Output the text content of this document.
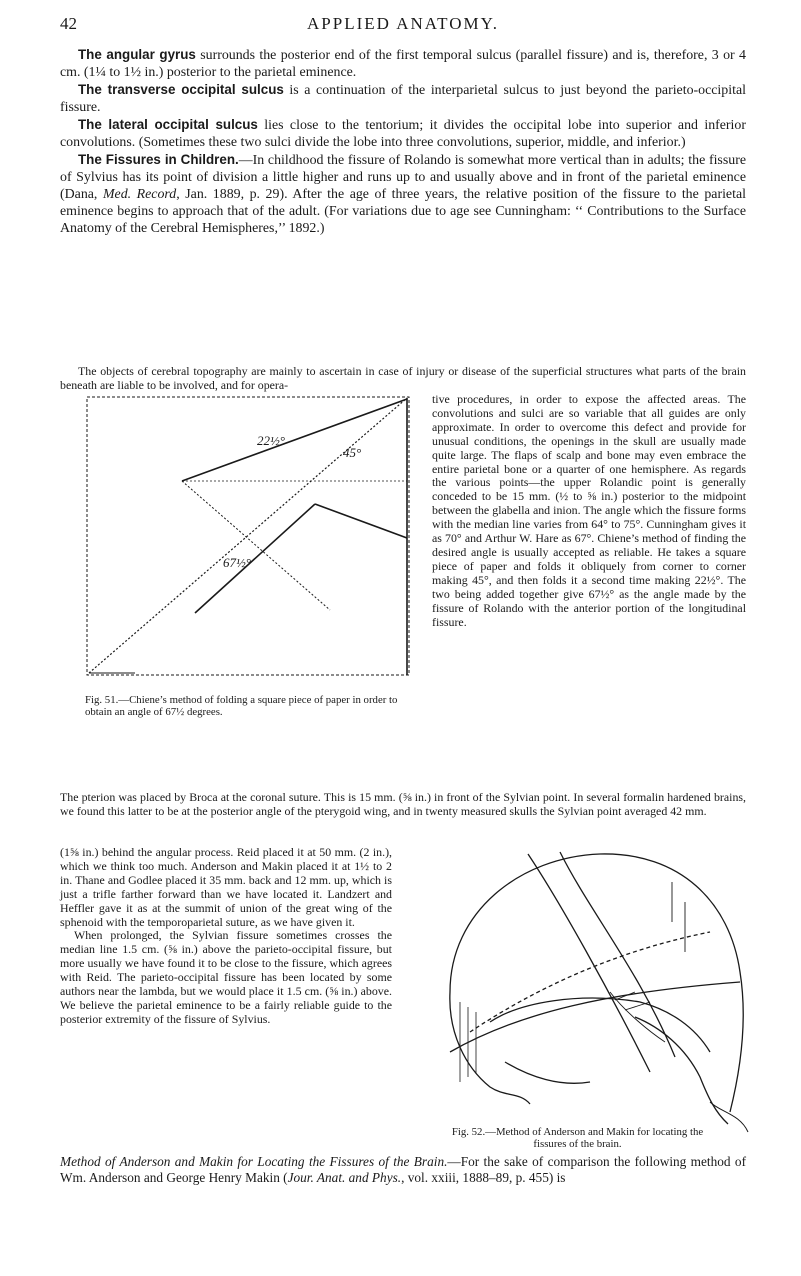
42	APPLIED ANATOMY.

The angular gyrus surrounds the posterior end of the first temporal sulcus (parallel fissure) and is, therefore, 3 or 4 cm. (1¼ to 1½ in.) posterior to the parietal eminence.

The transverse occipital sulcus is a continuation of the interparietal sulcus to just beyond the parieto-occipital fissure.

The lateral occipital sulcus lies close to the tentorium; it divides the occipital lobe into superior and inferior convolutions. (Sometimes these two sulci divide the lobe into three convolutions, superior, middle, and inferior.)

The Fissures in Children.—In childhood the fissure of Rolando is somewhat more vertical than in adults; the fissure of Sylvius has its point of division a little higher and runs up to and usually above and in front of the parietal eminence (Dana, Med. Record, Jan. 1889, p. 29). After the age of three years, the relative position of the fissure to the parietal eminence begins to approach that of the adult. (For variations due to age see Cunningham: ‘‘ Contributions to the Surface Anatomy of the Cerebral Hemispheres,’’ 1892.)

The objects of cerebral topography are mainly to ascertain in case of injury or disease of the superficial structures what parts of the brain beneath are liable to be involved, and for opera-

tive procedures, in order to expose the affected areas. The convolutions and sulci are so variable that all guides are only approximate. In order to overcome this defect and provide for unusual conditions, the openings in the skull are usually made quite large. The flaps of scalp and bone may even embrace the entire parietal bone or a quarter of one hemisphere. As regards the various points—the upper Rolandic point is generally conceded to be 15 mm. (½ to ⅝ in.) posterior to the midpoint between the glabella and inion. The angle which the fissure forms with the median line varies from 64° to 75°. Cunningham gives it as 70° and Arthur W. Hare as 67°. Chiene’s method of finding the desired angle is usually accepted as reliable. He takes a square piece of paper and folds it obliquely from corner to corner making 45°, and then folds it a second time making 22½°. The two being added together give 67½° as the angle made by the fissure of Rolando with the anterior portion of the longitudinal fissure.

22½°
45°
67½°
Fig. 51.—Chiene’s method of folding a square piece of paper in order to obtain an angle of 67½ degrees.

The pterion was placed by Broca at the coronal suture. This is 15 mm. (⅝ in.) in front of the Sylvian point. In several formalin hardened brains, we found this latter to be at the posterior angle of the pterygoid wing, and in twenty measured skulls the Sylvian point averaged 42 mm.

(1⅝ in.) behind the angular process. Reid placed it at 50 mm. (2 in.), which we think too much. Anderson and Makin placed it at 1½ to 2 in. Thane and Godlee placed it 35 mm. back and 12 mm. up, which is just a trifle farther forward than we have located it. Landzert and Heffler gave it as at the summit of union of the great wing of the sphenoid with the temporoparietal suture, as we have given it.

When prolonged, the Sylvian fissure sometimes crosses the median line 1.5 cm. (⅝ in.) above the parieto-occipital fissure, but more usually we have found it to be close to the fissure, which agrees with Reid. The parieto-occipital fissure has been located by some authors near the lambda, but we would place it 1.5 cm. (⅝ in.) above. We believe the parietal eminence to be a fairly reliable guide to the posterior extremity of the fissure of Sylvius.

Fig. 52.—Method of Anderson and Makin for locating the
fissures of the brain.

Method of Anderson and Makin for Locating the Fissures of the Brain.—For the sake of comparison the following method of Wm. Anderson and George Henry Makin (Jour. Anat. and Phys., vol. xxiii, 1888–89, p. 455) is
